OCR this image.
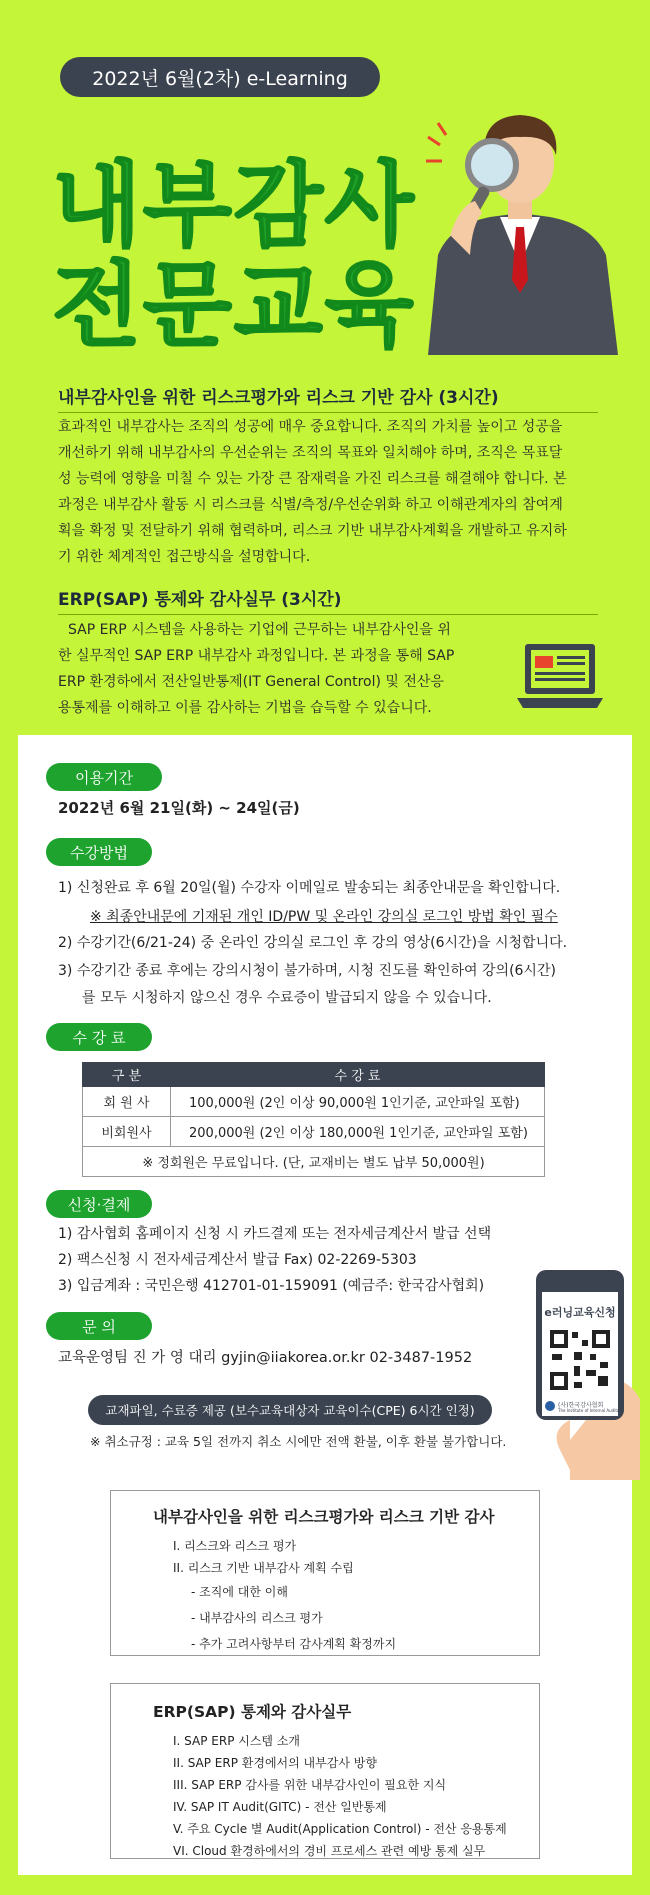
2022년 6월(2차) e-Learning
내부감사
전문교육
내부감사인을 위한 리스크평가와 리스크 기반 감사 (3시간)
효과적인 내부감사는 조직의 성공에 매우 중요합니다. 조직의 가치를 높이고 성공을
개선하기 위해 내부감사의 우선순위는 조직의 목표와 일치해야 하며, 조직은 목표달
성 능력에 영향을 미칠 수 있는 가장 큰 잠재력을 가진 리스크를 해결해야 합니다. 본
과정은 내부감사 활동 시 리스크를 식별/측정/우선순위화 하고 이해관계자의 참여계
획을 확정 및 전달하기 위해 협력하며, 리스크 기반 내부감사계획을 개발하고 유지하
기 위한 체계적인 접근방식을 설명합니다.
ERP(SAP) 통제와 감사실무 (3시간)
SAP ERP 시스템을 사용하는 기업에 근무하는 내부감사인을 위
한 실무적인 SAP ERP 내부감사 과정입니다. 본 과정을 통해 SAP
ERP 환경하에서 전산일반통제(IT General Control) 및 전산응
용통제를 이해하고 이를 감사하는 기법을 습득할 수 있습니다.
이용기간
2022년 6월 21일(화) ~ 24일(금)
수강방법
1) 신청완료 후 6월 20일(월) 수강자 이메일로 발송되는 최종안내문을 확인합니다.
※ 최종안내문에 기재된 개인 ID/PW 및 온라인 강의실 로그인 방법 확인 필수
2) 수강기간(6/21-24) 중 온라인 강의실 로그인 후 강의 영상(6시간)을 시청합니다.
3) 수강기간 종료 후에는 강의시청이 불가하며, 시청 진도를 확인하여 강의(6시간)
를 모두 시청하지 않으신 경우 수료증이 발급되지 않을 수 있습니다.
수 강 료
구 분	수 강 료
회 원 사	100,000원 (2인 이상 90,000원 1인기준, 교안파일 포함)
비회원사	200,000원 (2인 이상 180,000원 1인기준, 교안파일 포함)
※ 정회원은 무료입니다. (단, 교재비는 별도 납부 50,000원)	
신청·결제
1) 감사협회 홈페이지 신청 시 카드결제 또는 전자세금계산서 발급 선택
2) 팩스신청 시 전자세금계산서 발급 Fax) 02-2269-5303
3) 입금계좌 : 국민은행 412701-01-159091 (예금주: 한국감사협회)
문 의
교육운영팀 진 가 영 대리 gyjin@iiakorea.or.kr 02-3487-1952
e러닝교육신청
(사)한국감사협회
The Institute of Internal Auditors
교재파일, 수료증 제공 (보수교육대상자 교육이수(CPE) 6시간 인정)
※ 취소규정 : 교육 5일 전까지 취소 시에만 전액 환불, 이후 환불 불가합니다.
내부감사인을 위한 리스크평가와 리스크 기반 감사
I. 리스크와 리스크 평가
II. 리스크 기반 내부감사 계획 수립
- 조직에 대한 이해
- 내부감사의 리스크 평가
- 추가 고려사항부터 감사계획 확정까지
ERP(SAP) 통제와 감사실무
I. SAP ERP 시스템 소개
II. SAP ERP 환경에서의 내부감사 방향
III. SAP ERP 감사를 위한 내부감사인이 필요한 지식
IV. SAP IT Audit(GITC) - 전산 일반통제
V. 주요 Cycle 별 Audit(Application Control) - 전산 응용통제
VI. Cloud 환경하에서의 경비 프로세스 관련 예방 통제 실무
